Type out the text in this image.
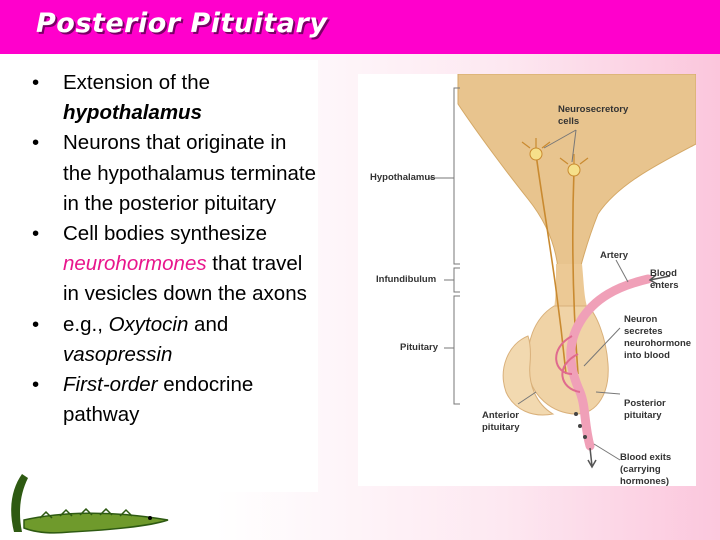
Posterior Pituitary
• Extension of the hypothalamus
• Neurons that originate in the hypothalamus terminate in the posterior pituitary
• Cell bodies synthesize neurohormones that travel in vesicles down the axons
• e.g., Oxytocin and vasopressin
• First-order endocrine pathway
Neurosecretory
cells
Hypothalamus
Infundibulum
Pituitary
Anterior
pituitary
Artery
Blood
enters
Neuron
secretes
neurohormone
into blood
Posterior
pituitary
Blood exits
(carrying
hormones)
